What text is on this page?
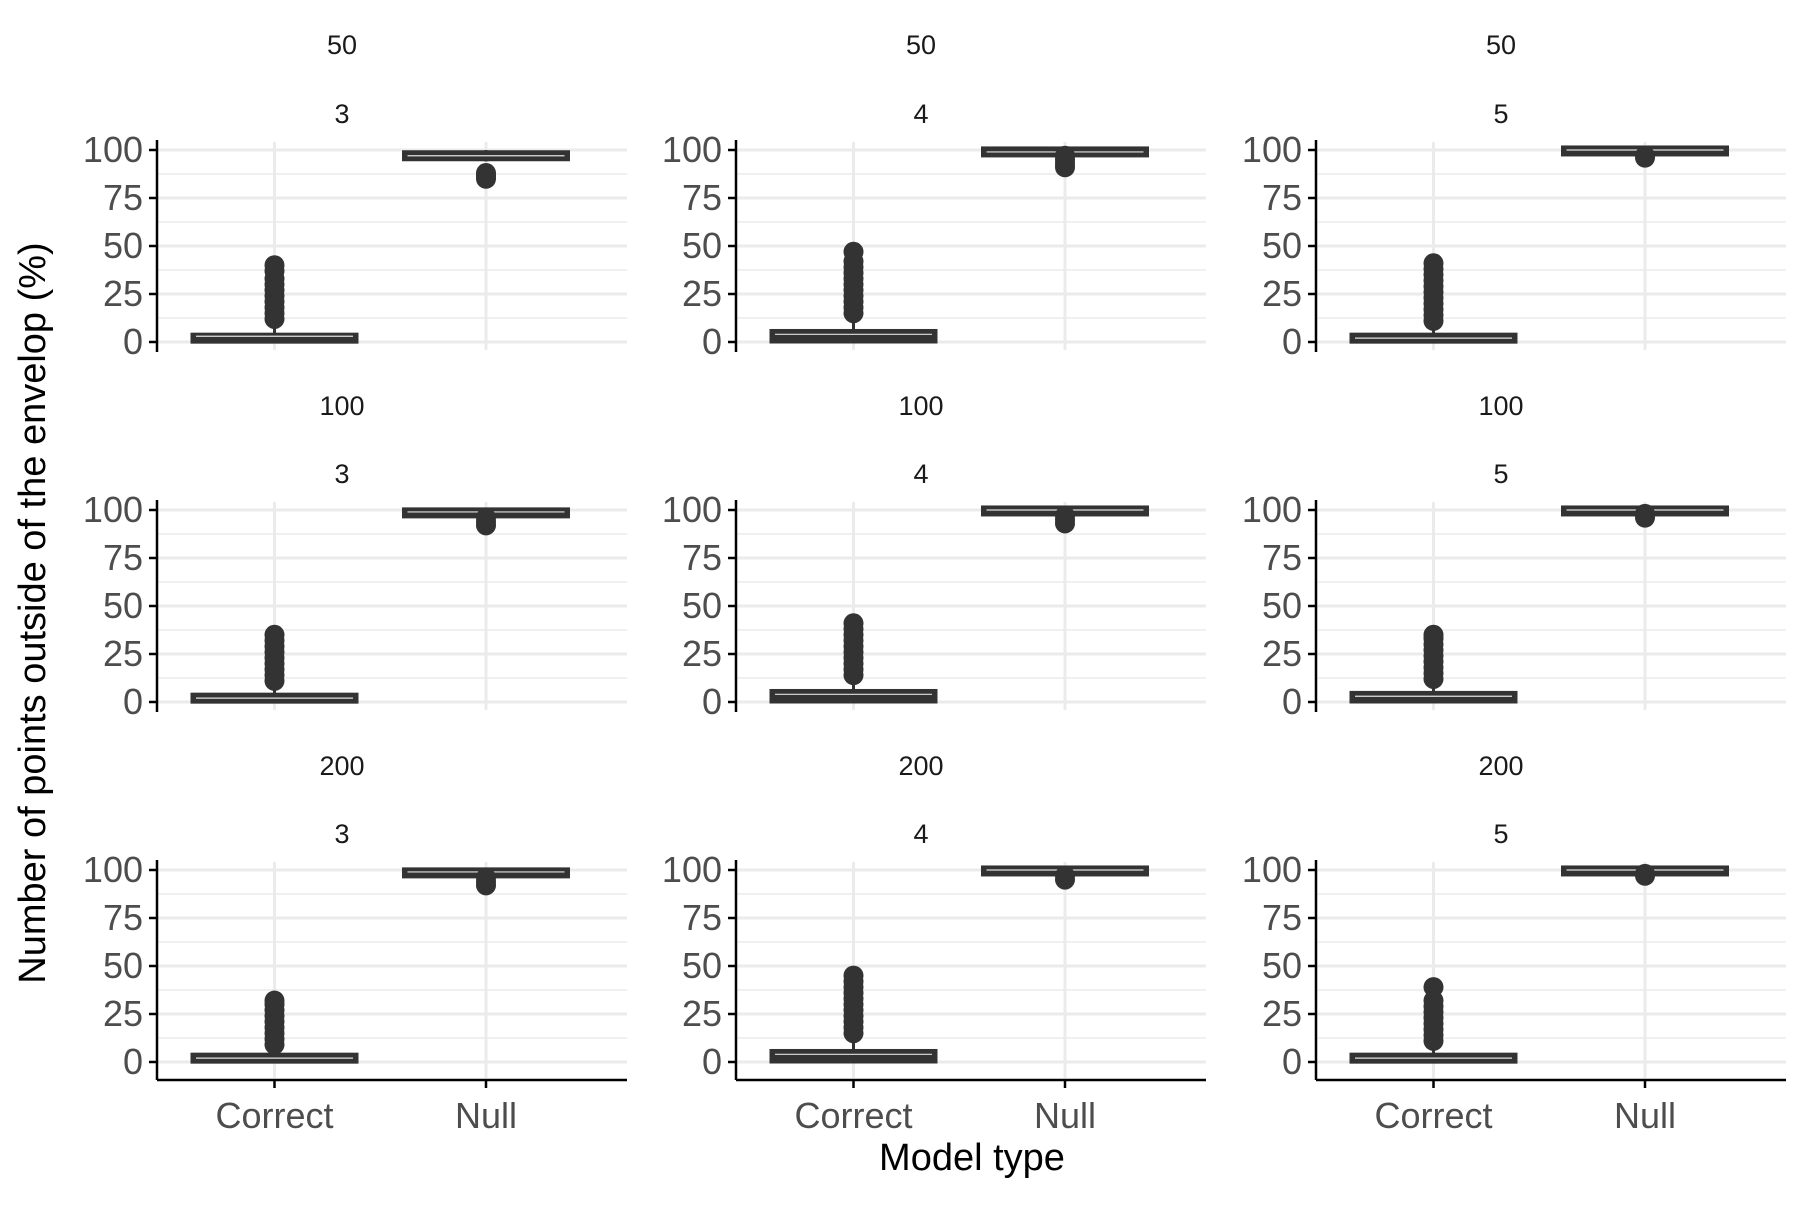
50
3
0
25
50
75
100
50
4
0
25
50
75
100
50
5
0
25
50
75
100
100
3
0
25
50
75
100
100
4
0
25
50
75
100
100
5
0
25
50
75
100
200
3
0
25
50
75
100
Correct	Null
200
4
0
25
50
75
100
Correct	Null
200
5
0
25
50
75
100
Correct	Null
Number of points outside of the envelop (%)
Model type
